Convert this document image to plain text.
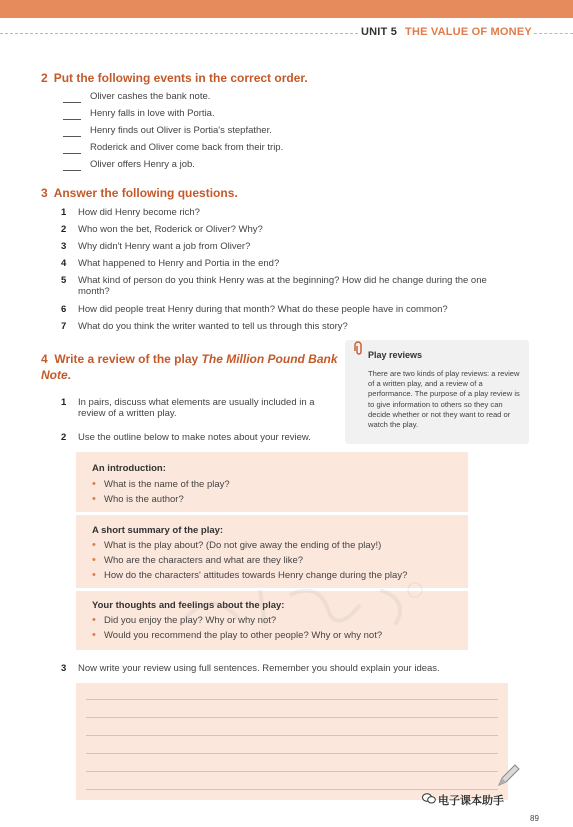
UNIT 5 THE VALUE OF MONEY
2 Put the following events in the correct order.
Oliver cashes the bank note.
Henry falls in love with Portia.
Henry finds out Oliver is Portia's stepfather.
Roderick and Oliver come back from their trip.
Oliver offers Henry a job.
3 Answer the following questions.
1 How did Henry become rich?
2 Who won the bet, Roderick or Oliver? Why?
3 Why didn't Henry want a job from Oliver?
4 What happened to Henry and Portia in the end?
5 What kind of person do you think Henry was at the beginning? How did he change during the one month?
6 How did people treat Henry during that month? What do these people have in common?
7 What do you think the writer wanted to tell us through this story?
4 Write a review of the play The Million Pound Bank Note.
Play reviews
There are two kinds of play reviews: a review of a written play, and a review of a performance. The purpose of a play review is to give information to others so they can decide whether or not they want to read or watch the play.
1 In pairs, discuss what elements are usually included in a review of a written play.
2 Use the outline below to make notes about your review.
An introduction:
• What is the name of the play?
• Who is the author?
A short summary of the play:
• What is the play about? (Do not give away the ending of the play!)
• Who are the characters and what are they like?
• How do the characters' attitudes towards Henry change during the play?
Your thoughts and feelings about the play:
• Did you enjoy the play? Why or why not?
• Would you recommend the play to other people? Why or why not?
3 Now write your review using full sentences. Remember you should explain your ideas.
电子课本助手
89
